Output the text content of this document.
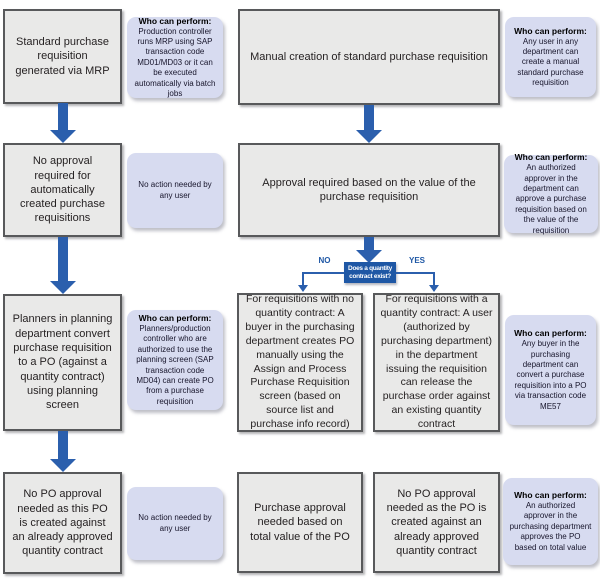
Standard purchase requisition generated via MRP
Who can perform:
Production controller runs MRP using SAP transaction code MD01/MD03 or it can be executed automatically via batch jobs
No approval required for automatically created purchase requisitions
No action needed by any user
Planners in planning department convert purchase requisition to a PO (against a quantity contract) using planning screen
Who can perform:
Planners/production controller who are authorized to use the planning screen (SAP transaction code MD04) can create PO from a purchase requisition
No PO approval needed as this PO is created against an already approved quantity contract
No action needed by any user
Manual creation of standard purchase requisition
Who can perform:
Any user in any department can create a manual standard purchase requisition
Approval required based on the value of the purchase requisition
Who can perform:
An authorized approver in the department can approve a purchase requisition based on the value of the requisition
Does a quantity contract exist?
NO	YES
For requisitions with no quantity contract: A buyer in the purchasing department creates PO manually using the Assign and Process Purchase Requisition screen (based on source list and purchase info record)
For requisitions with a quantity contract: A user (authorized by purchasing department) in the department issuing the requisition can release the purchase order against an existing quantity contract
Who can perform:
Any buyer in the purchasing department can convert a purchase requisition into a PO via transaction code ME57
Purchase approval needed based on total value of the PO
No PO approval needed as the PO is created against an already approved quantity contract
Who can perform:
An authorized approver in the purchasing department approves the PO based on total value
